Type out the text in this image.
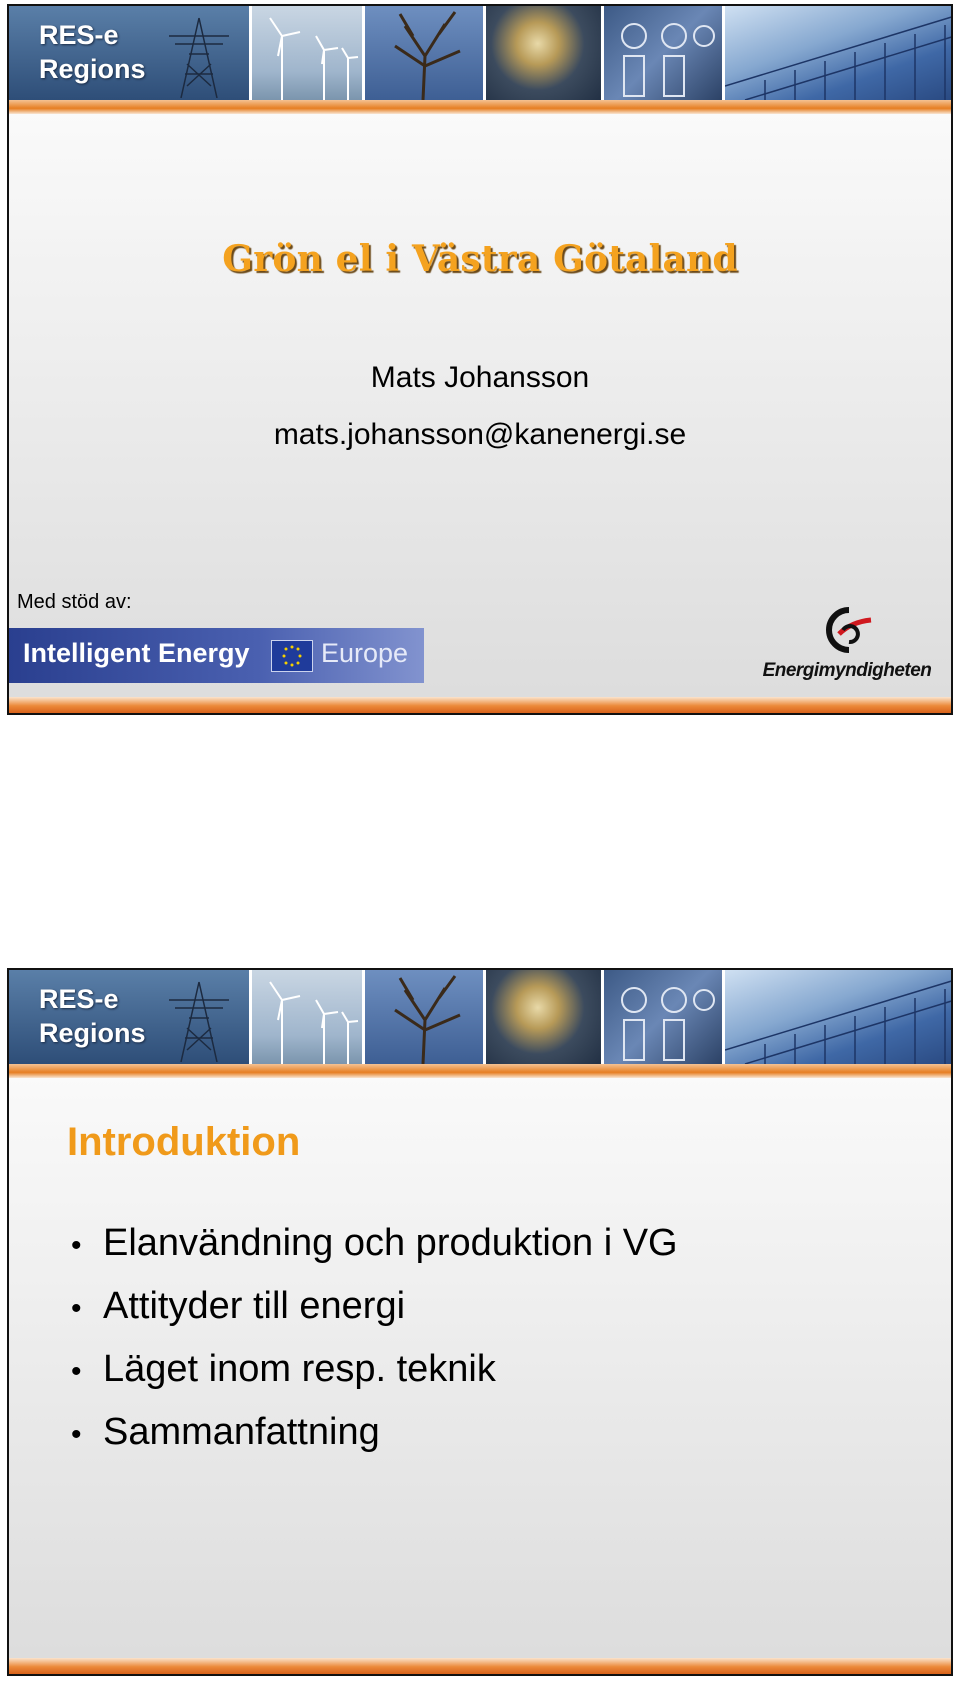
RES-e
Regions
Grön el i Västra Götaland
Mats Johansson
mats.johansson@kanenergi.se
Med stöd av:
Intelligent Energy	Europe
Energimyndigheten
RES-e
Regions
Introduktion
• Elanvändning och produktion i VG
• Attityder till energi
• Läget inom resp. teknik
• Sammanfattning
